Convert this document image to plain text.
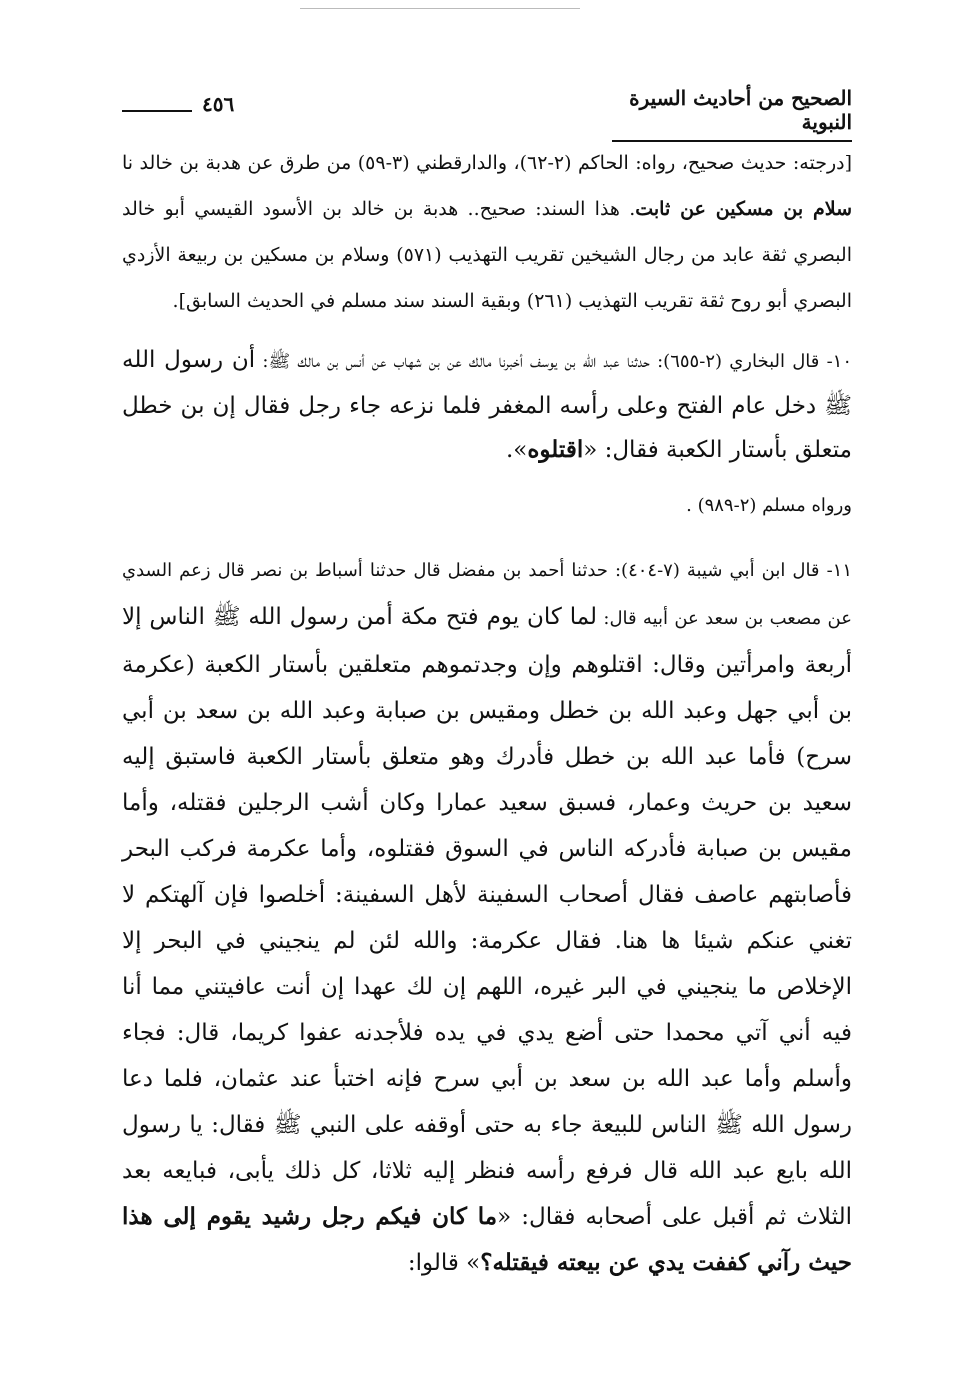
الصحيح من أحاديث السيرة النبوية
٤٥٦

[درجته: حديث صحيح، رواه: الحاكم (٢-٦٢)، والدارقطني (٣-٥٩) من طرق عن هدبة بن خالد نا سلام بن مسكين عن ثابت. هذا السند: صحيح.. هدبة بن خالد بن الأسود القيسي أبو خالد البصري ثقة عابد من رجال الشيخين تقريب التهذيب (٥٧١) وسلام بن مسكين بن ربيعة الأزدي البصري أبو روح ثقة تقريب التهذيب (٢٦١) وبقية السند سند مسلم في الحديث السابق].

١٠- قال البخاري (٢-٦٥٥): حدثنا عبد الله بن يوسف أخبرنا مالك عن بن شهاب عن أنس بن مالك ﷺ: أن رسول الله ﷺ دخل عام الفتح وعلى رأسه المغفر فلما نزعه جاء رجل فقال إن بن خطل متعلق بأستار الكعبة فقال: «اقتلوه».

ورواه مسلم (٢-٩٨٩) .

١١- قال ابن أبي شيبة (٧-٤٠٤): حدثنا أحمد بن مفضل قال حدثنا أسباط بن نصر قال زعم السدي عن مصعب بن سعد عن أبيه قال: لما كان يوم فتح مكة أمن رسول الله ﷺ الناس إلا أربعة وامرأتين وقال: اقتلوهم وإن وجدتموهم متعلقين بأستار الكعبة (عكرمة بن أبي جهل وعبد الله بن خطل ومقيس بن صبابة وعبد الله بن سعد بن أبي سرح) فأما عبد الله بن خطل فأدرك وهو متعلق بأستار الكعبة فاستبق إليه سعيد بن حريث وعمار، فسبق سعيد عمارا وكان أشب الرجلين فقتله، وأما مقيس بن صبابة فأدركه الناس في السوق فقتلوه، وأما عكرمة فركب البحر فأصابتهم عاصف فقال أصحاب السفينة لأهل السفينة: أخلصوا فإن آلهتكم لا تغني عنكم شيئا ها هنا. فقال عكرمة: والله لئن لم ينجيني في البحر إلا الإخلاص ما ينجيني في البر غيره، اللهم إن لك عهدا إن أنت عافيتني مما أنا فيه أني آتي محمدا حتى أضع يدي في يده فلأجدنه عفوا كريما، قال: فجاء وأسلم وأما عبد الله بن سعد بن أبي سرح فإنه اختبأ عند عثمان، فلما دعا رسول الله ﷺ الناس للبيعة جاء به حتى أوقفه على النبي ﷺ فقال: يا رسول الله بايع عبد الله قال فرفع رأسه فنظر إليه ثلاثا، كل ذلك يأبى، فبايعه بعد الثلاث ثم أقبل على أصحابه فقال: «ما كان فيكم رجل رشيد يقوم إلى هذا حيث رآني كففت يدي عن بيعته فيقتله؟» قالوا:
